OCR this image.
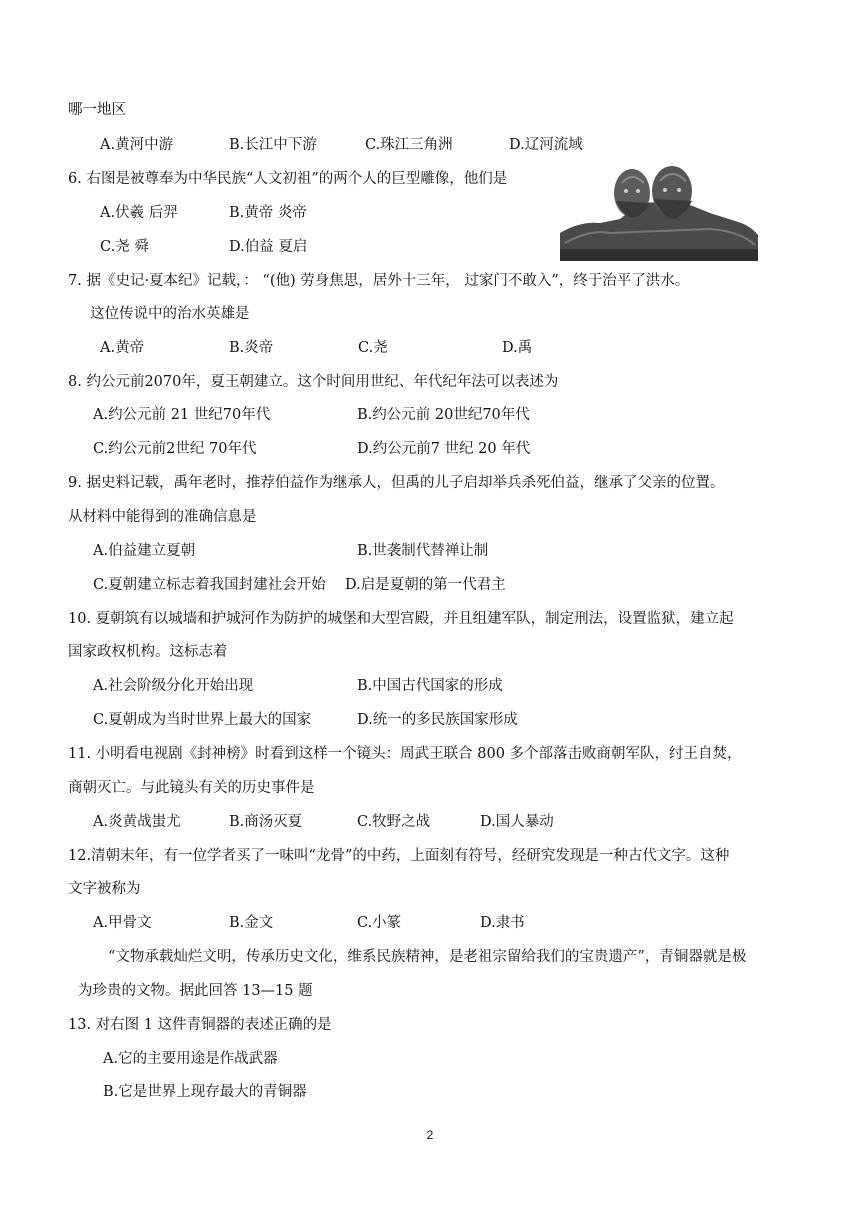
哪一地区
A.黄河中游	B.长江中下游	C.珠江三角洲	D.辽河流域
6. 右图是被尊奉为中华民族“人文初祖”的两个人的巨型雕像，他们是
A.伏羲 后羿	B.黄帝 炎帝
C.尧 舜	D.伯益 夏启
7. 据《史记·夏本纪》记载，： “(他) 劳身焦思，居外十三年， 过家门不敢入”，终于治平了洪水。
这位传说中的治水英雄是
A.黄帝	B.炎帝	C.尧	D.禹
8. 约公元前2070年，夏王朝建立。这个时间用世纪、年代纪年法可以表述为
A.约公元前 21 世纪70年代	B.约公元前 20世纪70年代
C.约公元前2世纪 70年代	D.约公元前7 世纪 20 年代
9. 据史料记载，禹年老时，推荐伯益作为继承人，但禹的儿子启却举兵杀死伯益，继承了父亲的位置。
从材料中能得到的准确信息是
A.伯益建立夏朝	B.世袭制代替禅让制
C.夏朝建立标志着我国封建社会开始 D.启是夏朝的第一代君主
10. 夏朝筑有以城墙和护城河作为防护的城堡和大型宫殿，并且组建军队，制定刑法，设置监狱，建立起
国家政权机构。这标志着
A.社会阶级分化开始出现	B.中国古代国家的形成
C.夏朝成为当时世界上最大的国家	D.统一的多民族国家形成
11. 小明看电视剧《封神榜》时看到这样一个镜头：周武王联合 800 多个部落击败商朝军队，纣王自焚，
商朝灭亡。与此镜头有关的历史事件是
A.炎黄战蚩尤	B.商汤灭夏	C.牧野之战	D.国人暴动
12.清朝末年，有一位学者买了一味叫“龙骨”的中药，上面刻有符号，经研究发现是一种古代文字。这种
文字被称为
A.甲骨文	B.金文	C.小篆	D.隶书
“文物承载灿烂文明，传承历史文化，维系民族精神，是老祖宗留给我们的宝贵遗产”，青铜器就是极
为珍贵的文物。据此回答 13—15 题
13. 对右图 1 这件青铜器的表述正确的是
A.它的主要用途是作战武器
B.它是世界上现存最大的青铜器
2
